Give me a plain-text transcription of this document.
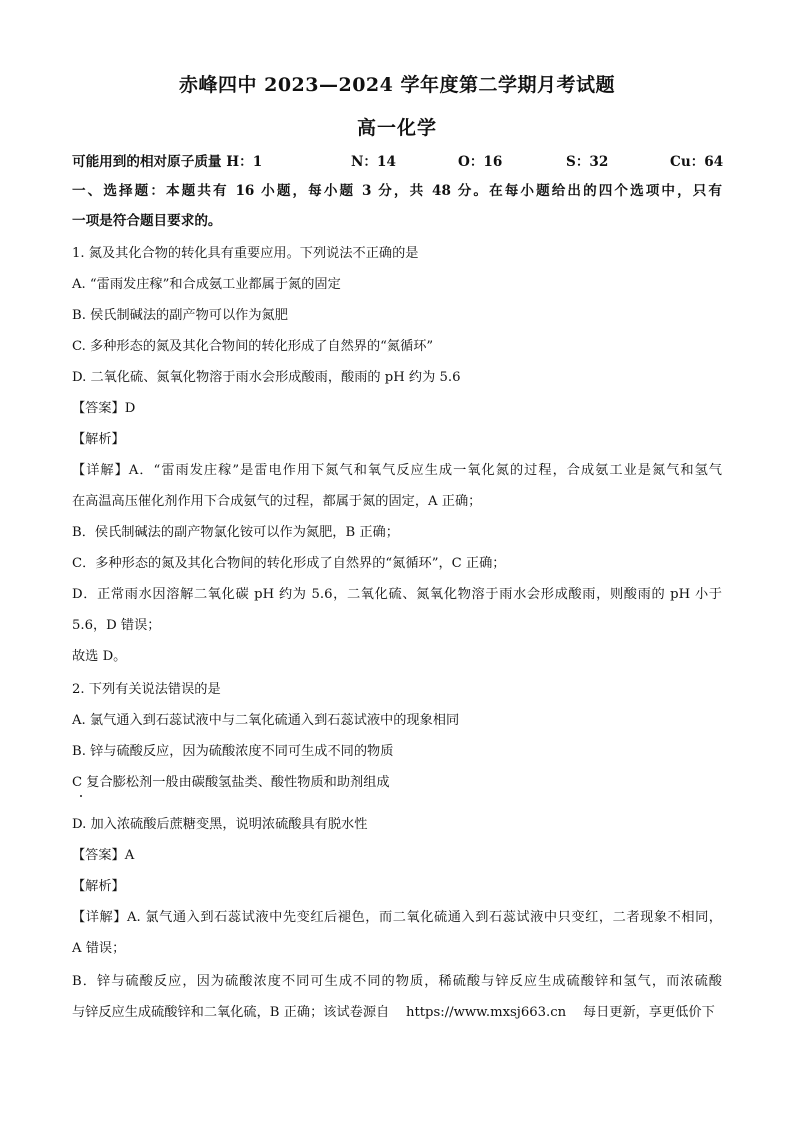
赤峰四中 2023—2024 学年度第二学期月考试题
高一化学
可能用到的相对原子质量 H：1	N：14	O：16	S：32	Cu：64
一、选择题：本题共有 16 小题，每小题 3 分，共 48 分。在每小题给出的四个选项中，只有
一项是符合题目要求的。
1. 氮及其化合物的转化具有重要应用。下列说法不正确的是
A. “雷雨发庄稼”和合成氨工业都属于氮的固定
B. 侯氏制碱法的副产物可以作为氮肥
C. 多种形态的氮及其化合物间的转化形成了自然界的“氮循环”
D. 二氧化硫、氮氧化物溶于雨水会形成酸雨，酸雨的 pH 约为 5.6
【答案】D
【解析】
【详解】A．“雷雨发庄稼”是雷电作用下氮气和氧气反应生成一氧化氮的过程，合成氨工业是氮气和氢气
在高温高压催化剂作用下合成氨气的过程，都属于氮的固定，A 正确；
B．侯氏制碱法的副产物氯化铵可以作为氮肥，B 正确；
C．多种形态的氮及其化合物间的转化形成了自然界的“氮循环”，C 正确；
D．正常雨水因溶解二氧化碳 pH 约为 5.6，二氧化硫、氮氧化物溶于雨水会形成酸雨，则酸雨的 pH 小于
5.6，D 错误；
故选 D。
2. 下列有关说法错误的是
A. 氯气通入到石蕊试液中与二氧化硫通入到石蕊试液中的现象相同
B. 锌与硫酸反应，因为硫酸浓度不同可生成不同的物质
C 复合膨松剂一般由碳酸氢盐类、酸性物质和助剂组成
D. 加入浓硫酸后蔗糖变黑，说明浓硫酸具有脱水性
【答案】A
【解析】
【详解】A. 氯气通入到石蕊试液中先变红后褪色，而二氧化硫通入到石蕊试液中只变红，二者现象不相同，
A 错误；
B．锌与硫酸反应，因为硫酸浓度不同可生成不同的物质，稀硫酸与锌反应生成硫酸锌和氢气，而浓硫酸
与锌反应生成硫酸锌和二氧化硫，B 正确；该试卷源自    https://www.mxsj663.cn    每日更新，享更低价下
